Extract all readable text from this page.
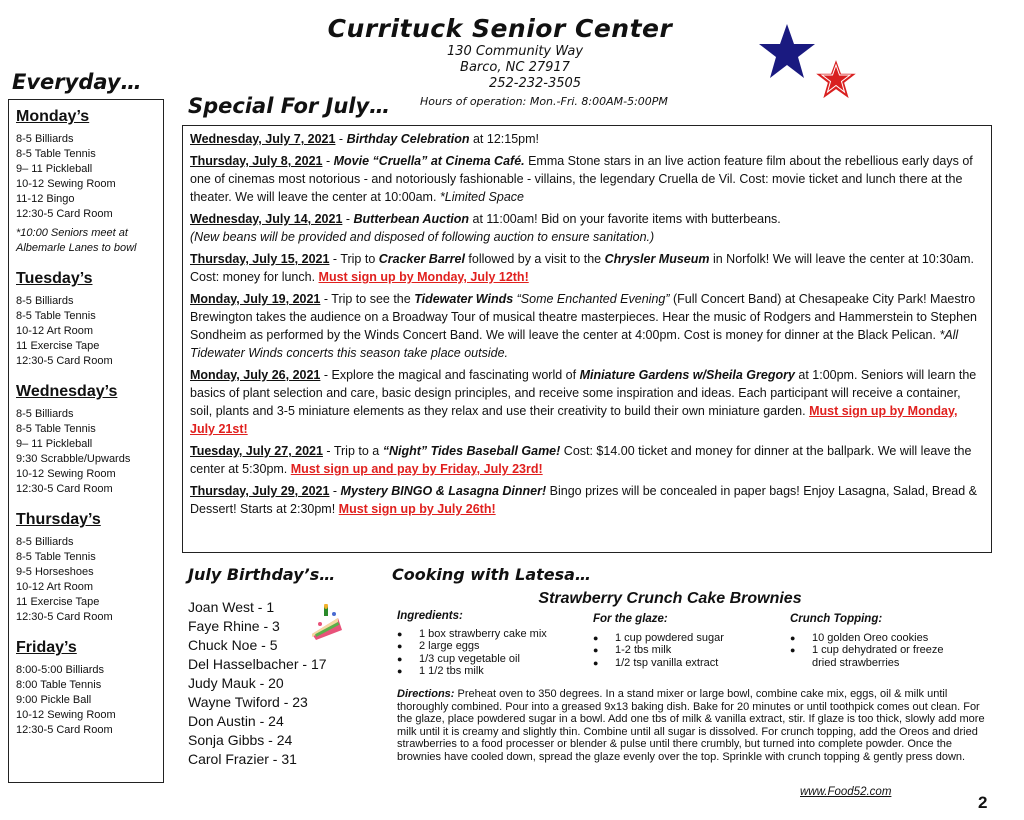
Currituck Senior Center
130 Community Way
Barco, NC 27917
252-232-3505
Hours of operation: Mon.-Fri. 8:00AM-5:00PM
Everyday…
Monday’s
8-5 Billiards
8-5 Table Tennis
9– 11 Pickleball
10-12 Sewing Room
11-12 Bingo
12:30-5 Card Room
*10:00 Seniors meet at Albemarle Lanes to bowl
Tuesday’s
8-5 Billiards
8-5 Table Tennis
10-12 Art Room
11 Exercise Tape
12:30-5 Card Room
Wednesday’s
8-5 Billiards
8-5 Table Tennis
9– 11 Pickleball
9:30 Scrabble/Upwards
10-12 Sewing Room
12:30-5 Card Room
Thursday’s
8-5 Billiards
8-5 Table Tennis
9-5 Horseshoes
10-12 Art Room
11 Exercise Tape
12:30-5 Card Room
Friday’s
8:00-5:00 Billiards
8:00 Table Tennis
9:00 Pickle Ball
10-12 Sewing Room
12:30-5 Card Room
Special For July…

Wednesday, July 7, 2021 - Birthday Celebration at 12:15pm!

Thursday, July 8, 2021 - Movie “Cruella” at Cinema Café. Emma Stone stars in an live action feature film about the rebellious early days of one of cinemas most notorious - and notoriously fashionable - villains, the legendary Cruella de Vil. Cost: movie ticket and lunch there at the theater. We will leave the center at 10:00am. *Limited Space

Wednesday, July 14, 2021 - Butterbean Auction at 11:00am! Bid on your favorite items with butterbeans.
(New beans will be provided and disposed of following auction to ensure sanitation.)

Thursday, July 15, 2021 - Trip to Cracker Barrel followed by a visit to the Chrysler Museum in Norfolk! We will leave the center at 10:30am. Cost: money for lunch. Must sign up by Monday, July 12th!

Monday, July 19, 2021 - Trip to see the Tidewater Winds “Some Enchanted Evening” (Full Concert Band) at Chesapeake City Park! Maestro Brewington takes the audience on a Broadway Tour of musical theatre masterpieces. Hear the music of Rodgers and Hammerstein to Stephen Sondheim as performed by the Winds Concert Band. We will leave the center at 4:00pm. Cost is money for dinner at the Black Pelican. *All Tidewater Winds concerts this season take place outside.

Monday, July 26, 2021 - Explore the magical and fascinating world of Miniature Gardens w/Sheila Gregory at 1:00pm. Seniors will learn the basics of plant selection and care, basic design principles, and receive some inspiration and ideas. Each participant will receive a container, soil, plants and 3-5 miniature elements as they relax and use their creativity to build their own miniature garden. Must sign up by Monday, July 21st!

Tuesday, July 27, 2021 - Trip to a “Night” Tides Baseball Game! Cost: $14.00 ticket and money for dinner at the ballpark. We will leave the center at 5:30pm. Must sign up and pay by Friday, July 23rd!

Thursday, July 29, 2021 - Mystery BINGO & Lasagna Dinner! Bingo prizes will be concealed in paper bags! Enjoy Lasagna, Salad, Bread & Dessert! Starts at 2:30pm! Must sign up by July 26th!

July Birthday’s…
Joan West - 1
Faye Rhine - 3
Chuck Noe - 5
Del Hasselbacher - 17
Judy Mauk - 20
Wayne Twiford - 23
Don Austin - 24
Sonja Gibbs - 24
Carol Frazier - 31
Cooking with Latesa…
Strawberry Crunch Cake Brownies
Ingredients:
●	1 box strawberry cake mix
●	2 large eggs
●	1/3 cup vegetable oil
●	1 1/2 tbs milk
For the glaze:
●	1 cup powdered sugar
●	1-2 tbs milk
●	1/2 tsp vanilla extract
Crunch Topping:
●	10 golden Oreo cookies
●	1 cup dehydrated or freeze dried strawberries
Directions: Preheat oven to 350 degrees. In a stand mixer or large bowl, combine cake mix, eggs, oil & milk until thoroughly combined. Pour into a greased 9x13 baking dish. Bake for 20 minutes or until toothpick comes out clean. For the glaze, place powdered sugar in a bowl. Add one tbs of milk & vanilla extract, stir. If glaze is too thick, slowly add more milk until it is creamy and slightly thin. Combine until all sugar is dissolved. For crunch topping, add the Oreos and dried strawberries to a food processer or blender & pulse until there crumbly, but turned into complete powder. Once the brownies have cooled down, spread the glaze evenly over the top. Sprinkle with crunch topping & gently press down.
www.Food52.com
2
